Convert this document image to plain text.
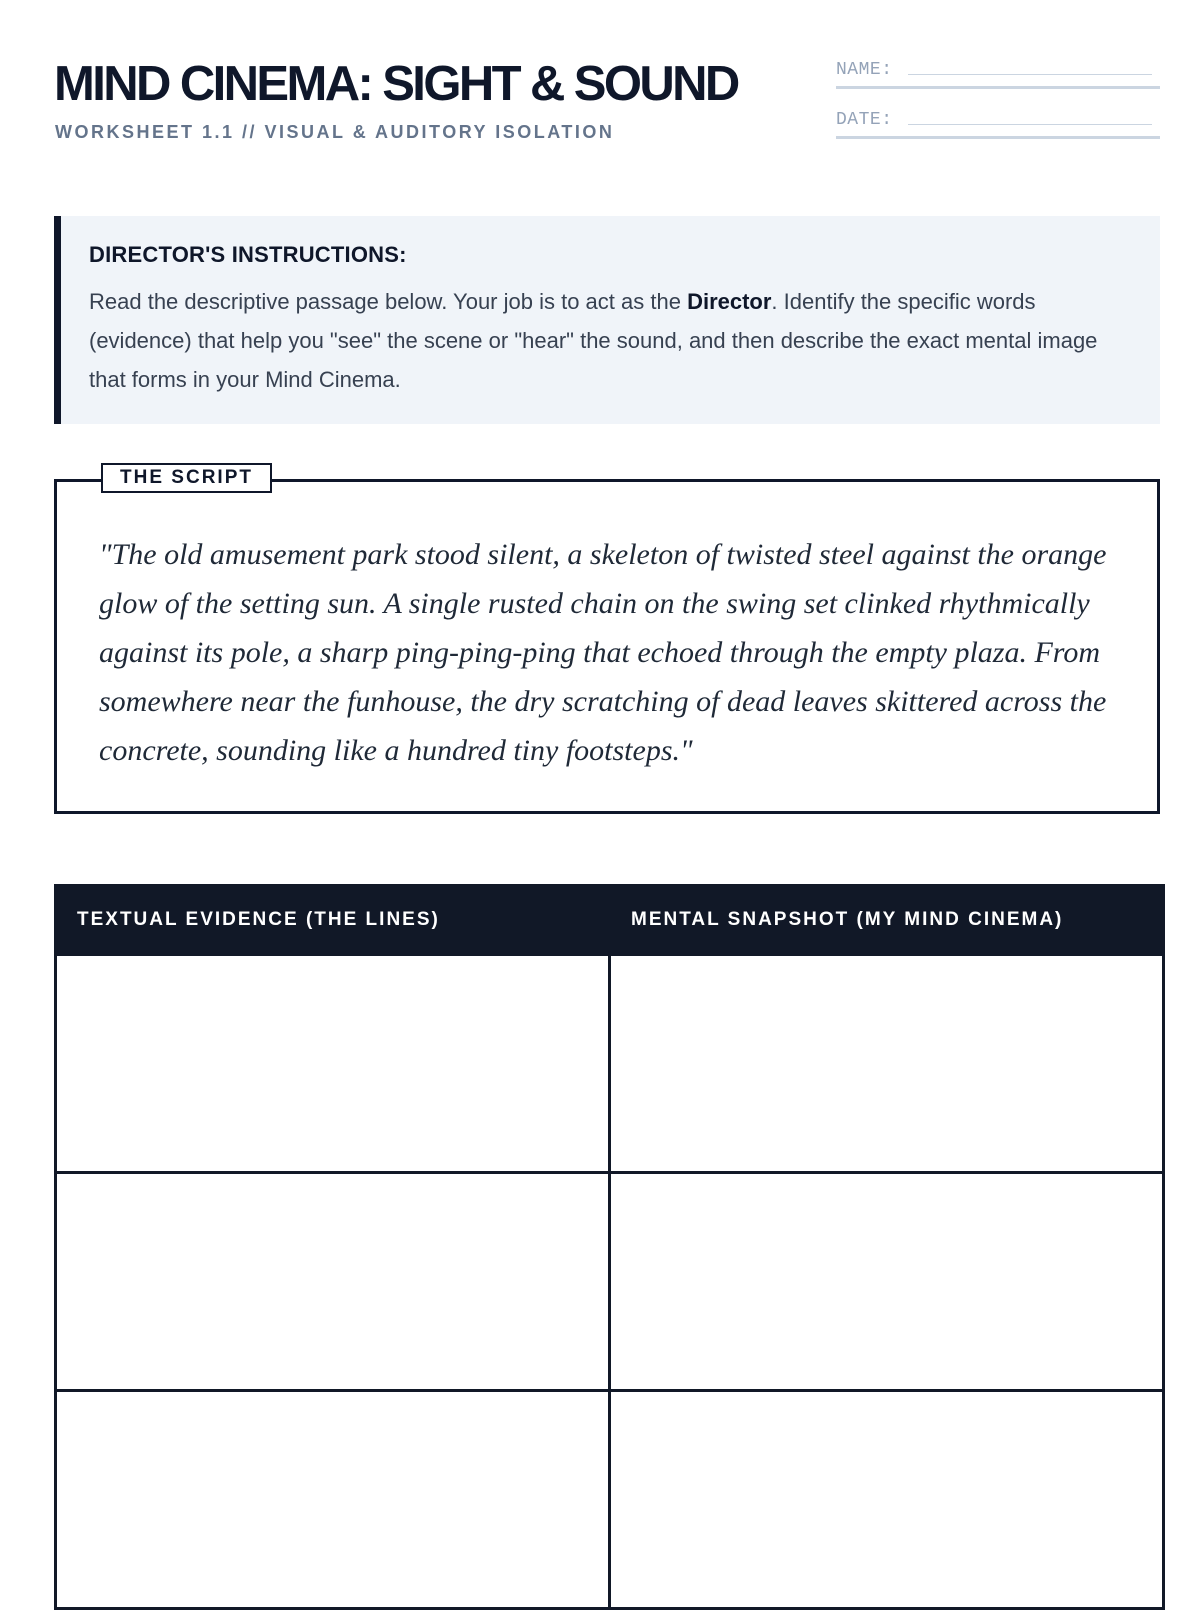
MIND CINEMA: SIGHT & SOUND
WORKSHEET 1.1 // VISUAL & AUDITORY ISOLATION
NAME:
DATE:
DIRECTOR'S INSTRUCTIONS:

Read the descriptive passage below. Your job is to act as the Director. Identify the specific words (evidence) that help you "see" the scene or "hear" the sound, and then describe the exact mental image that forms in your Mind Cinema.

THE SCRIPT

"The old amusement park stood silent, a skeleton of twisted steel against the orange glow of the setting sun. A single rusted chain on the swing set clinked rhythmically against its pole, a sharp ping-ping-ping that echoed through the empty plaza. From somewhere near the funhouse, the dry scratching of dead leaves skittered across the concrete, sounding like a hundred tiny footsteps."

TEXTUAL EVIDENCE (THE LINES)	MENTAL SNAPSHOT (MY MIND CINEMA)
